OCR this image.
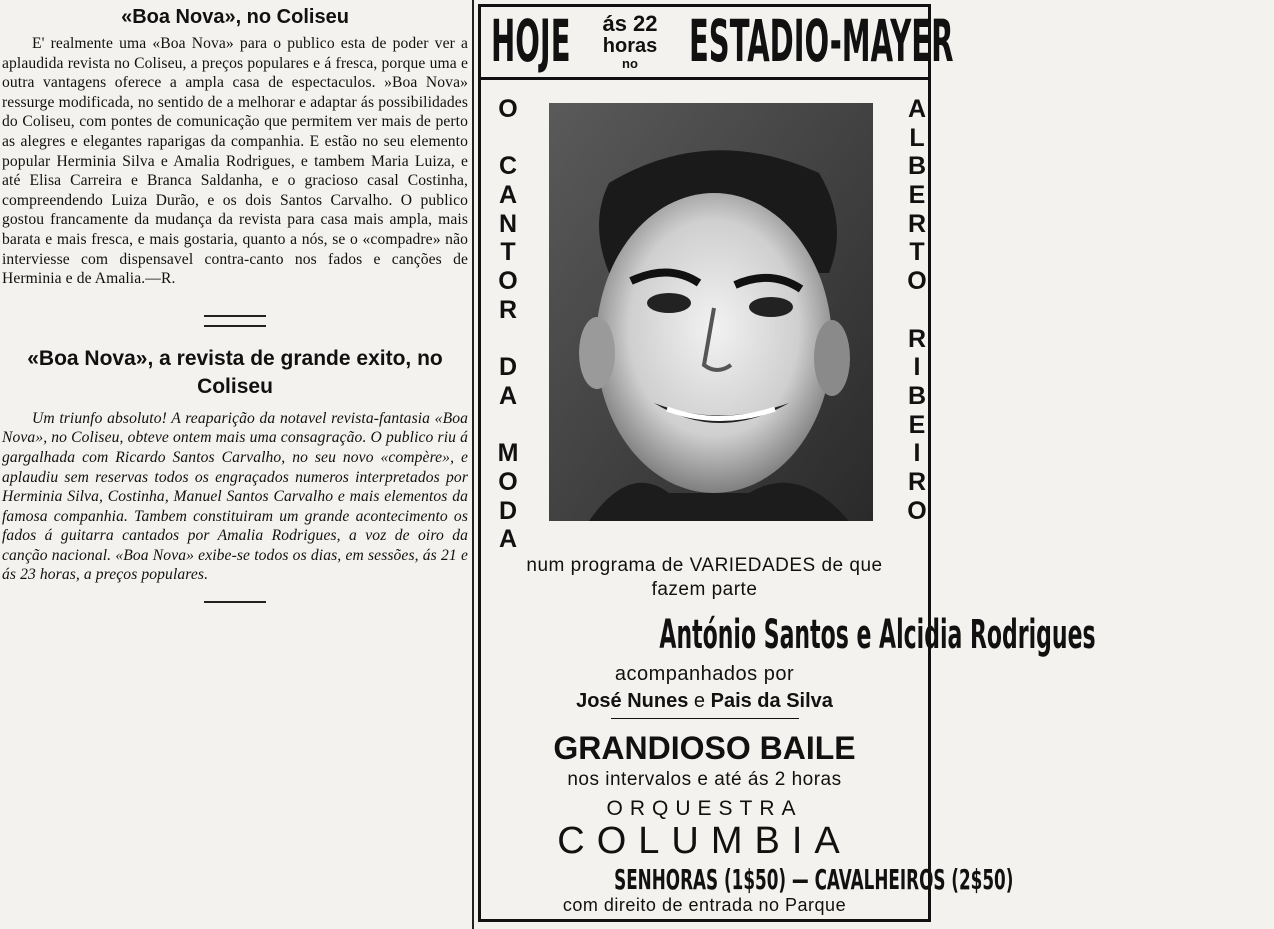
«Boa Nova», no Coliseu

E' realmente uma «Boa Nova» para o publico esta de poder ver a aplaudida revista no Coliseu, a preços populares e á fresca, porque uma e outra vantagens oferece a ampla casa de espectaculos. »Boa Nova» ressurge modificada, no sentido de a melhorar e adaptar ás possibilidades do Coliseu, com pontes de comunicação que permitem ver mais de perto as alegres e elegantes raparigas da companhia. E estão no seu elemento popular Herminia Silva e Amalia Rodrigues, e tambem Maria Luiza, e até Elisa Carreira e Branca Saldanha, e o gracioso casal Costinha, compreendendo Luiza Durão, e os dois Santos Carvalho. O publico gostou francamente da mudança da revista para casa mais ampla, mais barata e mais fresca, e mais gostaria, quanto a nós, se o «compadre» não interviesse com dispensavel contra-canto nos fados e canções de Herminia e de Amalia.—R.

«Boa Nova», a revista de grande exito, no Coliseu

Um triunfo absoluto! A reaparição da notavel revista-fantasia «Boa Nova», no Coliseu, obteve ontem mais uma consagração. O publico riu á gargalhada com Ricardo Santos Carvalho, no seu novo «compère», e aplaudiu sem reservas todos os engraçados numeros interpretados por Herminia Silva, Costinha, Manuel Santos Carvalho e mais elementos da famosa companhia. Tambem constituiram um grande acontecimento os fados á guitarra cantados por Amalia Rodrigues, a voz de oiro da canção nacional. «Boa Nova» exibe-se todos os dias, em sessões, ás 21 e ás 23 horas, a preços populares.

HOJE	ás 22
horas
no ESTADIO-MAYER
O
C
A
N
T
O
R
D
A
M
O
D
A
A
L
B
E
R
T
O
R
I
B
E
I
R
O
num programa de VARIEDADES de que
fazem parte
António Santos e Alcidia Rodrigues
acompanhados por
José Nunes e Pais da Silva
GRANDIOSO BAILE
nos intervalos e até ás 2 horas
ORQUESTRA
COLUMBIA
SENHORAS (1$50) — CAVALHEIROS (2$50)
com direito de entrada no Parque
